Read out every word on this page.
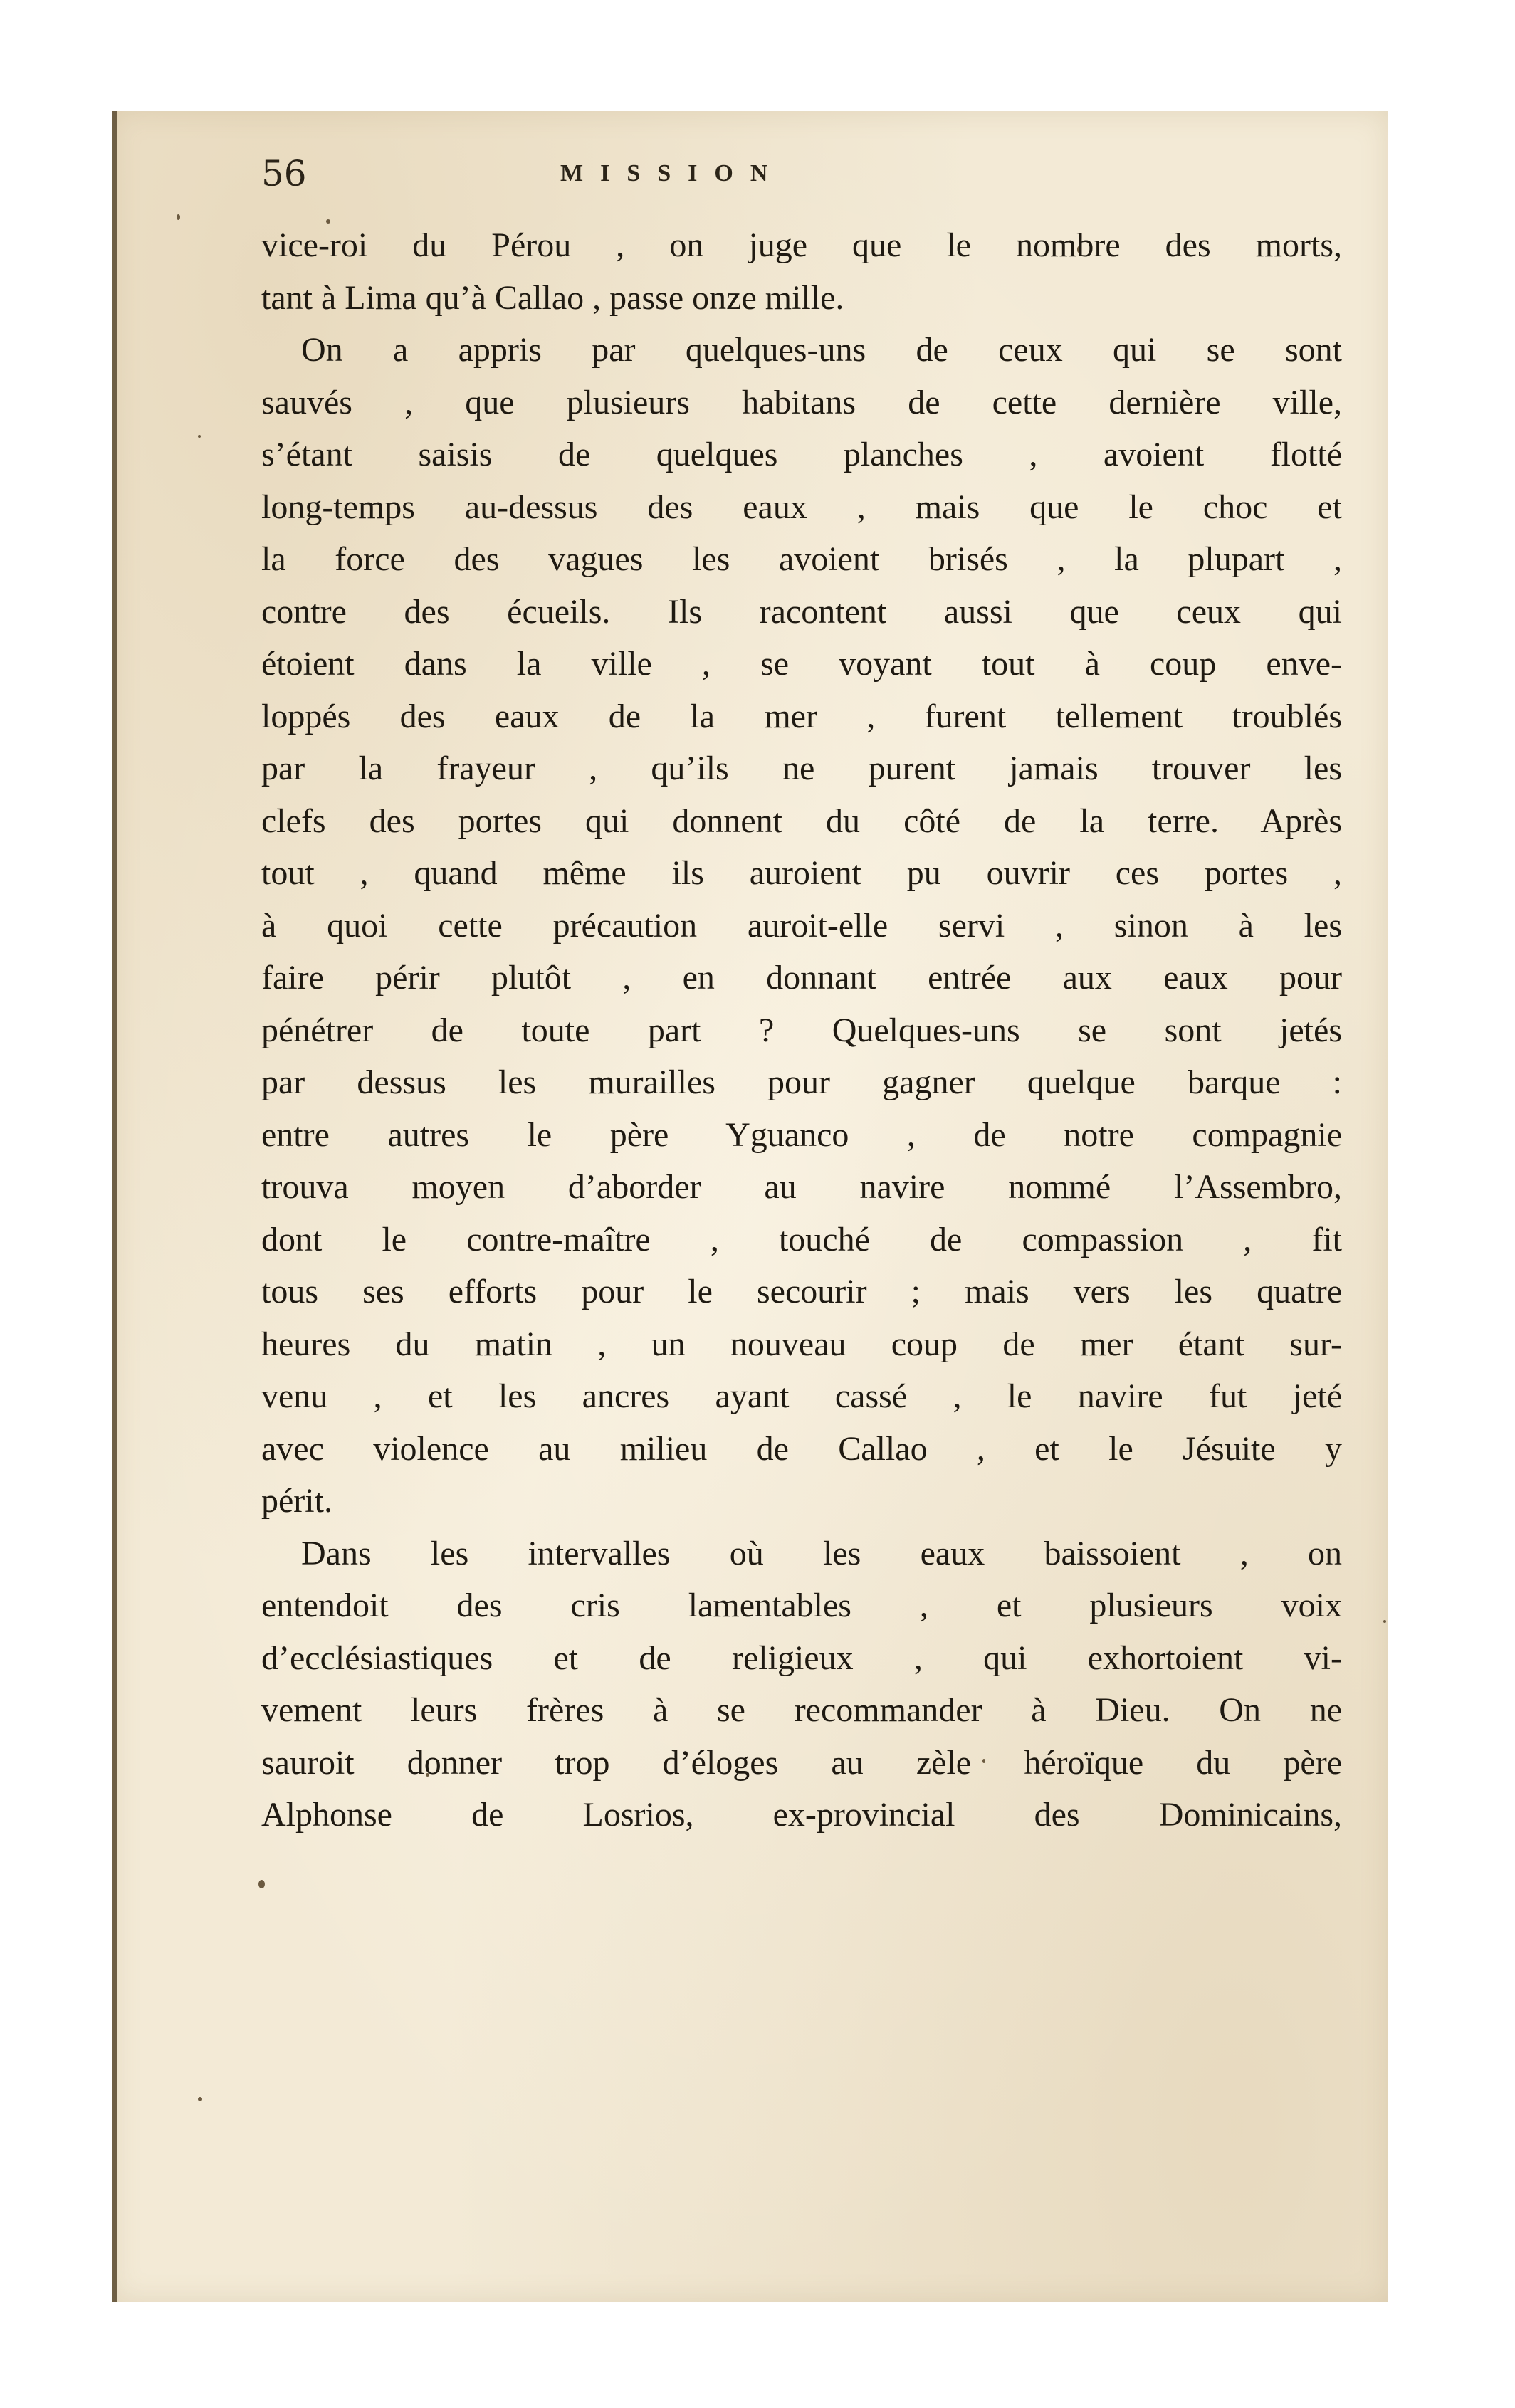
56	MISSION
vice-roi du Pérou , on juge que le nombre des morts,
tant à Lima qu’à Callao , passe onze mille.
On a appris par quelques-uns de ceux qui se sont
sauvés , que plusieurs habitans de cette dernière ville,
s’étant saisis de quelques planches , avoient flotté
long-temps au-dessus des eaux , mais que le choc et
la force des vagues les avoient brisés , la plupart ,
contre des écueils. Ils racontent aussi que ceux qui
étoient dans la ville , se voyant tout à coup enve-
loppés des eaux de la mer , furent tellement troublés
par la frayeur , qu’ils ne purent jamais trouver les
clefs des portes qui donnent du côté de la terre. Après
tout , quand même ils auroient pu ouvrir ces portes ,
à quoi cette précaution auroit-elle servi , sinon à les
faire périr plutôt , en donnant entrée aux eaux pour
pénétrer de toute part ? Quelques-uns se sont jetés
par dessus les murailles pour gagner quelque barque :
entre autres le père Yguanco , de notre compagnie
trouva moyen d’aborder au navire nommé l’Assembro,
dont le contre-maître , touché de compassion , fit
tous ses efforts pour le secourir ; mais vers les quatre
heures du matin , un nouveau coup de mer étant sur-
venu , et les ancres ayant cassé , le navire fut jeté
avec violence au milieu de Callao , et le Jésuite y
périt.
Dans les intervalles où les eaux baissoient , on
entendoit des cris lamentables , et plusieurs voix
d’ecclésiastiques et de religieux , qui exhortoient vi-
vement leurs frères à se recommander à Dieu. On ne
sauroit donner trop d’éloges au zèle héroïque du père
Alphonse de Losrios, ex-provincial des Dominicains,
